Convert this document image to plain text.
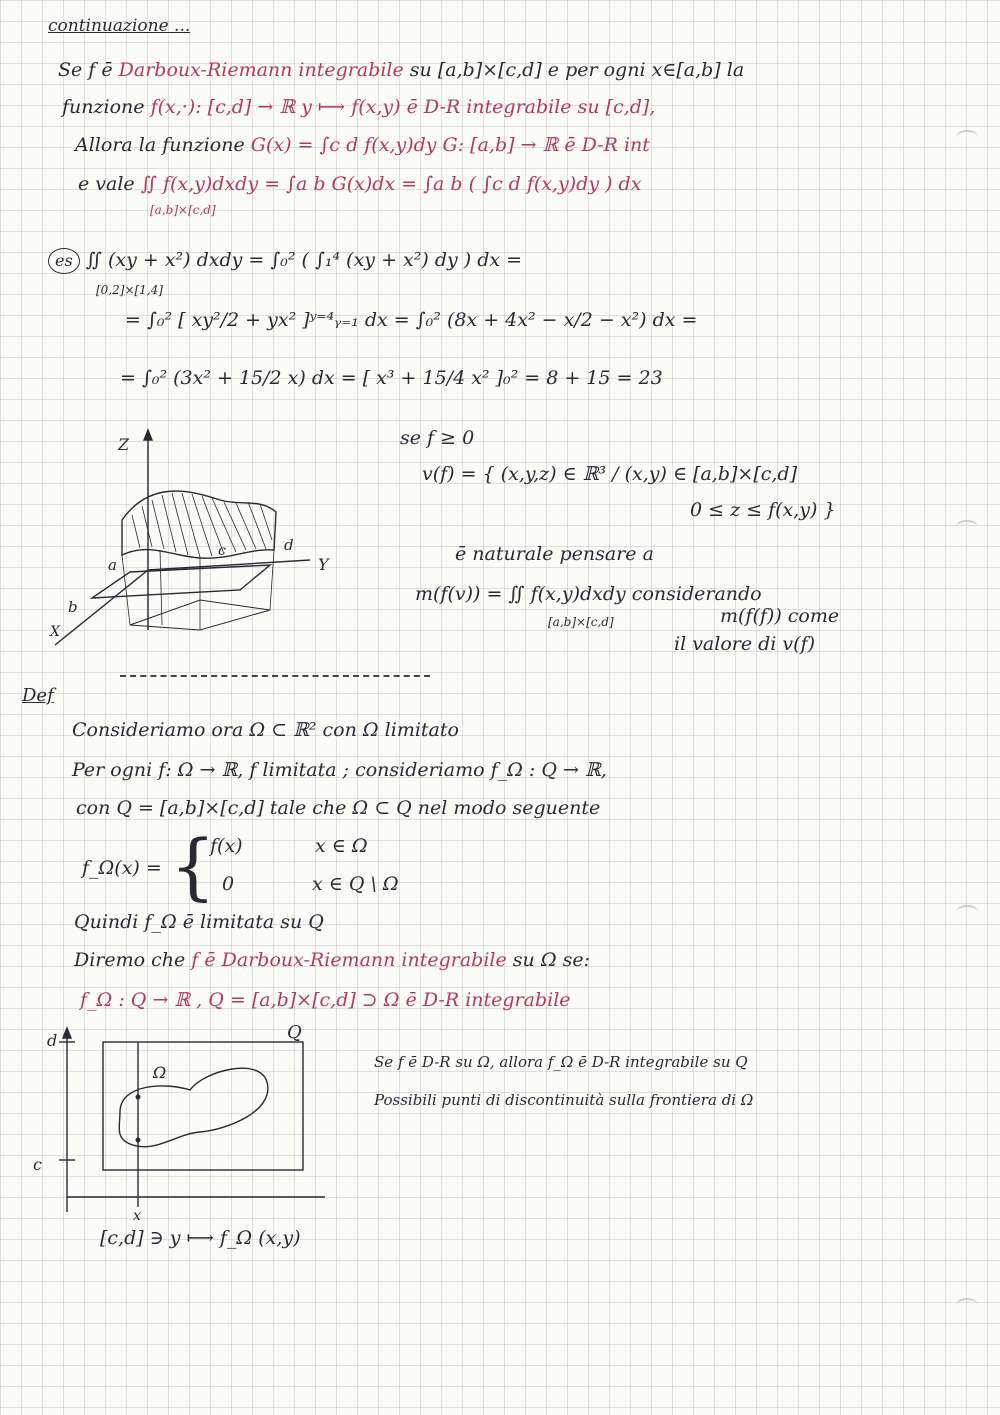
continuazione ...
Se f ē Darboux-Riemann integrabile su [a,b]×[c,d] e per ogni x∈[a,b] la
funzione f(x,·): [c,d] → ℝ y ⟼ f(x,y) ē D-R integrabile su [c,d],
Allora la funzione G(x) = ∫c d f(x,y)dy G: [a,b] → ℝ ē D-R int
e vale ∬ f(x,y)dxdy = ∫a b G(x)dx = ∫a b ( ∫c d f(x,y)dy ) dx
[a,b]×[c,d]
es ∬ (xy + x²) dxdy = ∫₀² ( ∫₁⁴ (xy + x²) dy ) dx =
[0,2]×[1,4]
= ∫₀² [ xy²/2 + yx² ]ʸ⁼⁴ᵧ₌₁ dx = ∫₀² (8x + 4x² − x/2 − x²) dx =
= ∫₀² (3x² + 15/2 x) dx = [ x³ + 15/4 x² ]₀² = 8 + 15 = 23
Z
Y
X
a
b
c	d
se f ≥ 0
v(f) = { (x,y,z) ∈ ℝ³ / (x,y) ∈ [a,b]×[c,d]
0 ≤ z ≤ f(x,y) }
ē naturale pensare a
m(f(v)) = ∬ f(x,y)dxdy considerando
[a,b]×[c,d]	m(f(f)) come
il valore di v(f)
Def
Consideriamo ora Ω ⊂ ℝ² con Ω limitato
Per ogni f: Ω → ℝ, f limitata ; consideriamo f_Ω : Q → ℝ,
con Q = [a,b]×[c,d] tale che Ω ⊂ Q nel modo seguente
f_Ω(x) = {
f(x)	x ∈ Ω
0	x ∈ Q \ Ω
Quindi f_Ω ē limitata su Q
Diremo che f ē Darboux-Riemann integrabile su Ω se:
f_Ω : Q → ℝ , Q = [a,b]×[c,d] ⊃ Ω ē D-R integrabile
d
c
Q
Ω
x
[c,d] ∋ y ⟼ f_Ω (x,y)
Se f ē D-R su Ω, allora f_Ω ē D-R integrabile su Q
Possibili punti di discontinuità sulla frontiera di Ω
